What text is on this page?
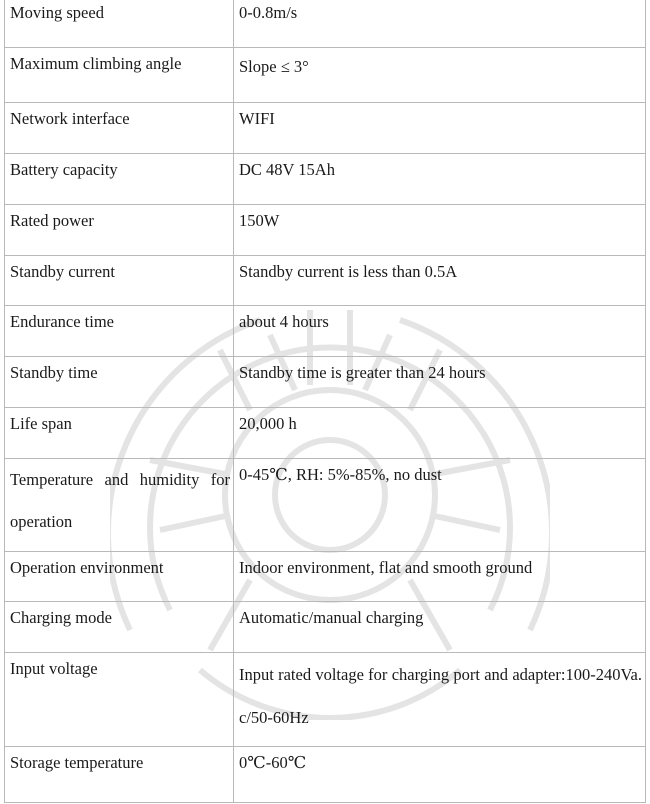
Moving speed	0-0.8m/s
Maximum climbing angle	Slope ≤ 3°
Network interface	WIFI
Battery capacity	DC 48V 15Ah
Rated power	150W
Standby current	Standby current is less than 0.5A
Endurance time	about 4 hours
Standby time	Standby time is greater than 24 hours
Life span	20,000 h
Temperature and humidity for operation	0-45℃, RH: 5%-85%, no dust
Operation environment	Indoor environment, flat and smooth ground
Charging mode	Automatic/manual charging
Input voltage	Input rated voltage for charging port and adapter:100-240Va.c/50-60Hz
Storage temperature	0℃-60℃
